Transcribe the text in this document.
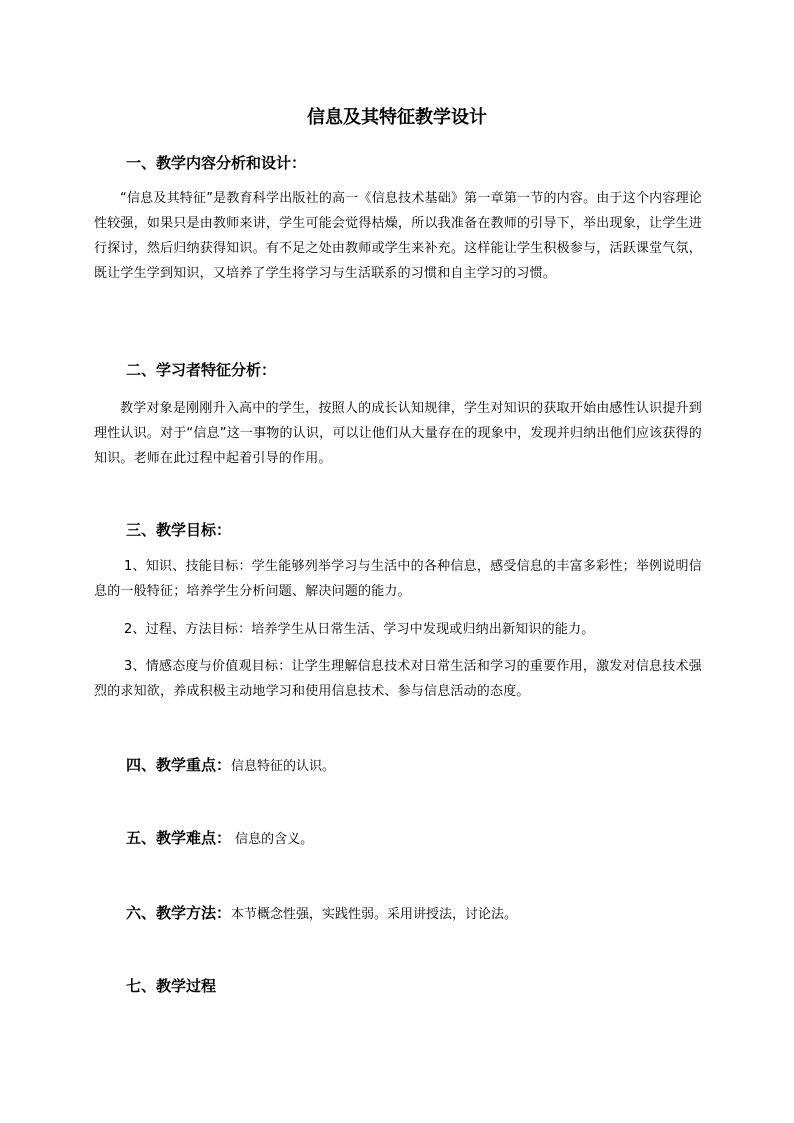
信息及其特征教学设计
一、教学内容分析和设计：
“信息及其特征”是教育科学出版社的高一《信息技术基础》第一章第一节的内容。由于这个内容理论性较强，如果只是由教师来讲，学生可能会觉得枯燥，所以我准备在教师的引导下，举出现象，让学生进行探讨，然后归纳获得知识。有不足之处由教师或学生来补充。这样能让学生积极参与，活跃课堂气氛，既让学生学到知识，又培养了学生将学习与生活联系的习惯和自主学习的习惯。
二、学习者特征分析：
教学对象是刚刚升入高中的学生，按照人的成长认知规律，学生对知识的获取开始由感性认识提升到理性认识。对于“信息”这一事物的认识，可以让他们从大量存在的现象中，发现并归纳出他们应该获得的知识。老师在此过程中起着引导的作用。
三、教学目标：
1、知识、技能目标：学生能够列举学习与生活中的各种信息，感受信息的丰富多彩性；举例说明信息的一般特征；培养学生分析问题、解决问题的能力。
2、过程、方法目标：培养学生从日常生活、学习中发现或归纳出新知识的能力。
3、情感态度与价值观目标：让学生理解信息技术对日常生活和学习的重要作用，激发对信息技术强烈的求知欲，养成积极主动地学习和使用信息技术、参与信息活动的态度。
四、教学重点：信息特征的认识。
五、教学难点： 信息的含义。
六、教学方法：本节概念性强，实践性弱。采用讲授法，讨论法。
七、教学过程
